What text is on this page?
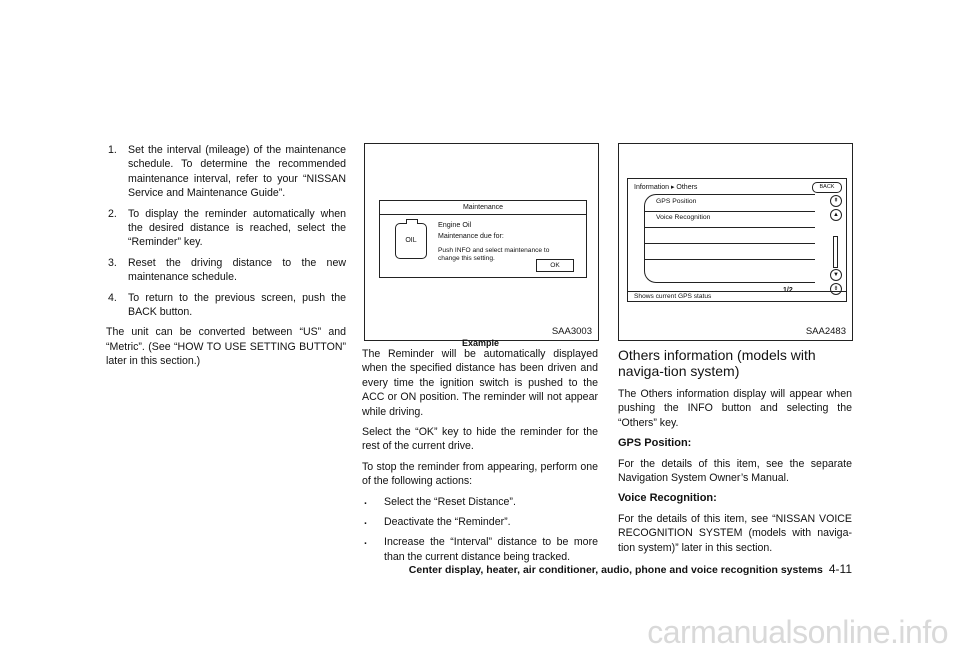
1. Set the interval (mileage) of the maintenance schedule. To determine the recommended maintenance interval, refer to your “NISSAN Service and Maintenance Guide”.
2. To display the reminder automatically when the desired distance is reached, select the “Reminder” key.
3. Reset the driving distance to the new maintenance schedule.
4. To return to the previous screen, push the BACK button.

The unit can be converted between “US” and “Metric”. (See “HOW TO USE SETTING BUTTON” later in this section.)

Maintenance
OIL
Engine Oil
Maintenance due for:
Push INFO and select maintenance to
change this setting.
OK
SAA3003
Example

The Reminder will be automatically displayed when the specified distance has been driven and every time the ignition switch is pushed to the ACC or ON position. The reminder will not appear while driving.

Select the “OK” key to hide the reminder for the rest of the current drive.

To stop the reminder from appearing, perform one of the following actions:

. Select the “Reset Distance”.
. Deactivate the “Reminder”.
. Increase the “Interval” distance to be more than the current distance being tracked.
Information ▸ Others	BACK
GPS Position
Voice Recognition
1/2
⇞
▲
▼
⇟
Shows current GPS status
SAA2483
Others information (models with naviga-tion system)

The Others information display will appear when pushing the INFO button and selecting the “Others” key.

GPS Position:

For the details of this item, see the separate Navigation System Owner’s Manual.

Voice Recognition:

For the details of this item, see “NISSAN VOICE RECOGNITION SYSTEM (models with naviga-tion system)” later in this section.

Center display, heater, air conditioner, audio, phone and voice recognition systems 4-11
carmanualsonline.info
